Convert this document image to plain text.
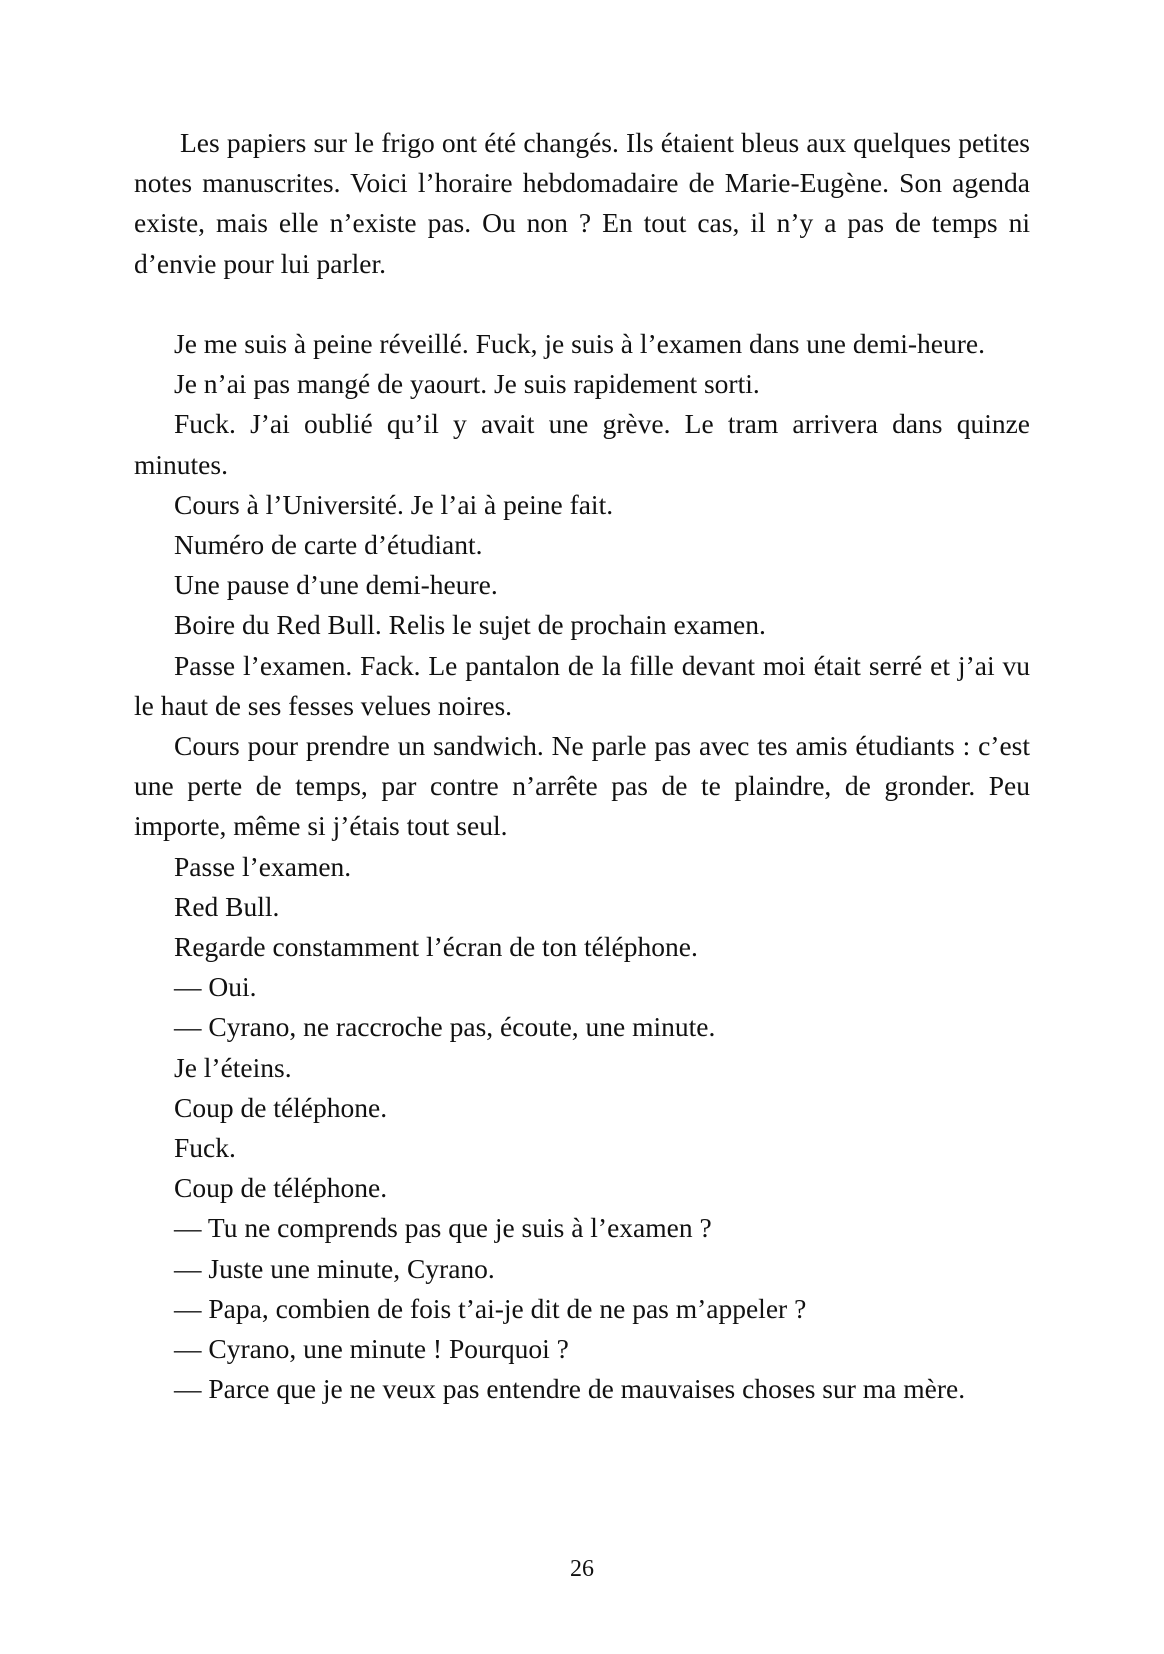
Les papiers sur le frigo ont été changés. Ils étaient bleus aux quelques petites notes manuscrites. Voici l’horaire hebdomadaire de Marie-Eugène. Son agenda existe, mais elle n’existe pas. Ou non ? En tout cas, il n’y a pas de temps ni d’envie pour lui parler.

Je me suis à peine réveillé. Fuck, je suis à l’examen dans une demi-heure.

Je n’ai pas mangé de yaourt. Je suis rapidement sorti.

Fuck. J’ai oublié qu’il y avait une grève. Le tram arrivera dans quinze minutes.

Cours à l’Université. Je l’ai à peine fait.

Numéro de carte d’étudiant.

Une pause d’une demi-heure.

Boire du Red Bull. Relis le sujet de prochain examen.

Passe l’examen. Fack. Le pantalon de la fille devant moi était serré et j’ai vu le haut de ses fesses velues noires.

Cours pour prendre un sandwich. Ne parle pas avec tes amis étudiants : c’est une perte de temps, par contre n’arrête pas de te plaindre, de gronder. Peu importe, même si j’étais tout seul.

Passe l’examen.

Red Bull.

Regarde constamment l’écran de ton téléphone.

— Oui.

— Cyrano, ne raccroche pas, écoute, une minute.

Je l’éteins.

Coup de téléphone.

Fuck.

Coup de téléphone.

— Tu ne comprends pas que je suis à l’examen ?

— Juste une minute, Cyrano.

— Papa, combien de fois t’ai-je dit de ne pas m’appeler ?

— Cyrano, une minute ! Pourquoi ?

— Parce que je ne veux pas entendre de mauvaises choses sur ma mère.

26
